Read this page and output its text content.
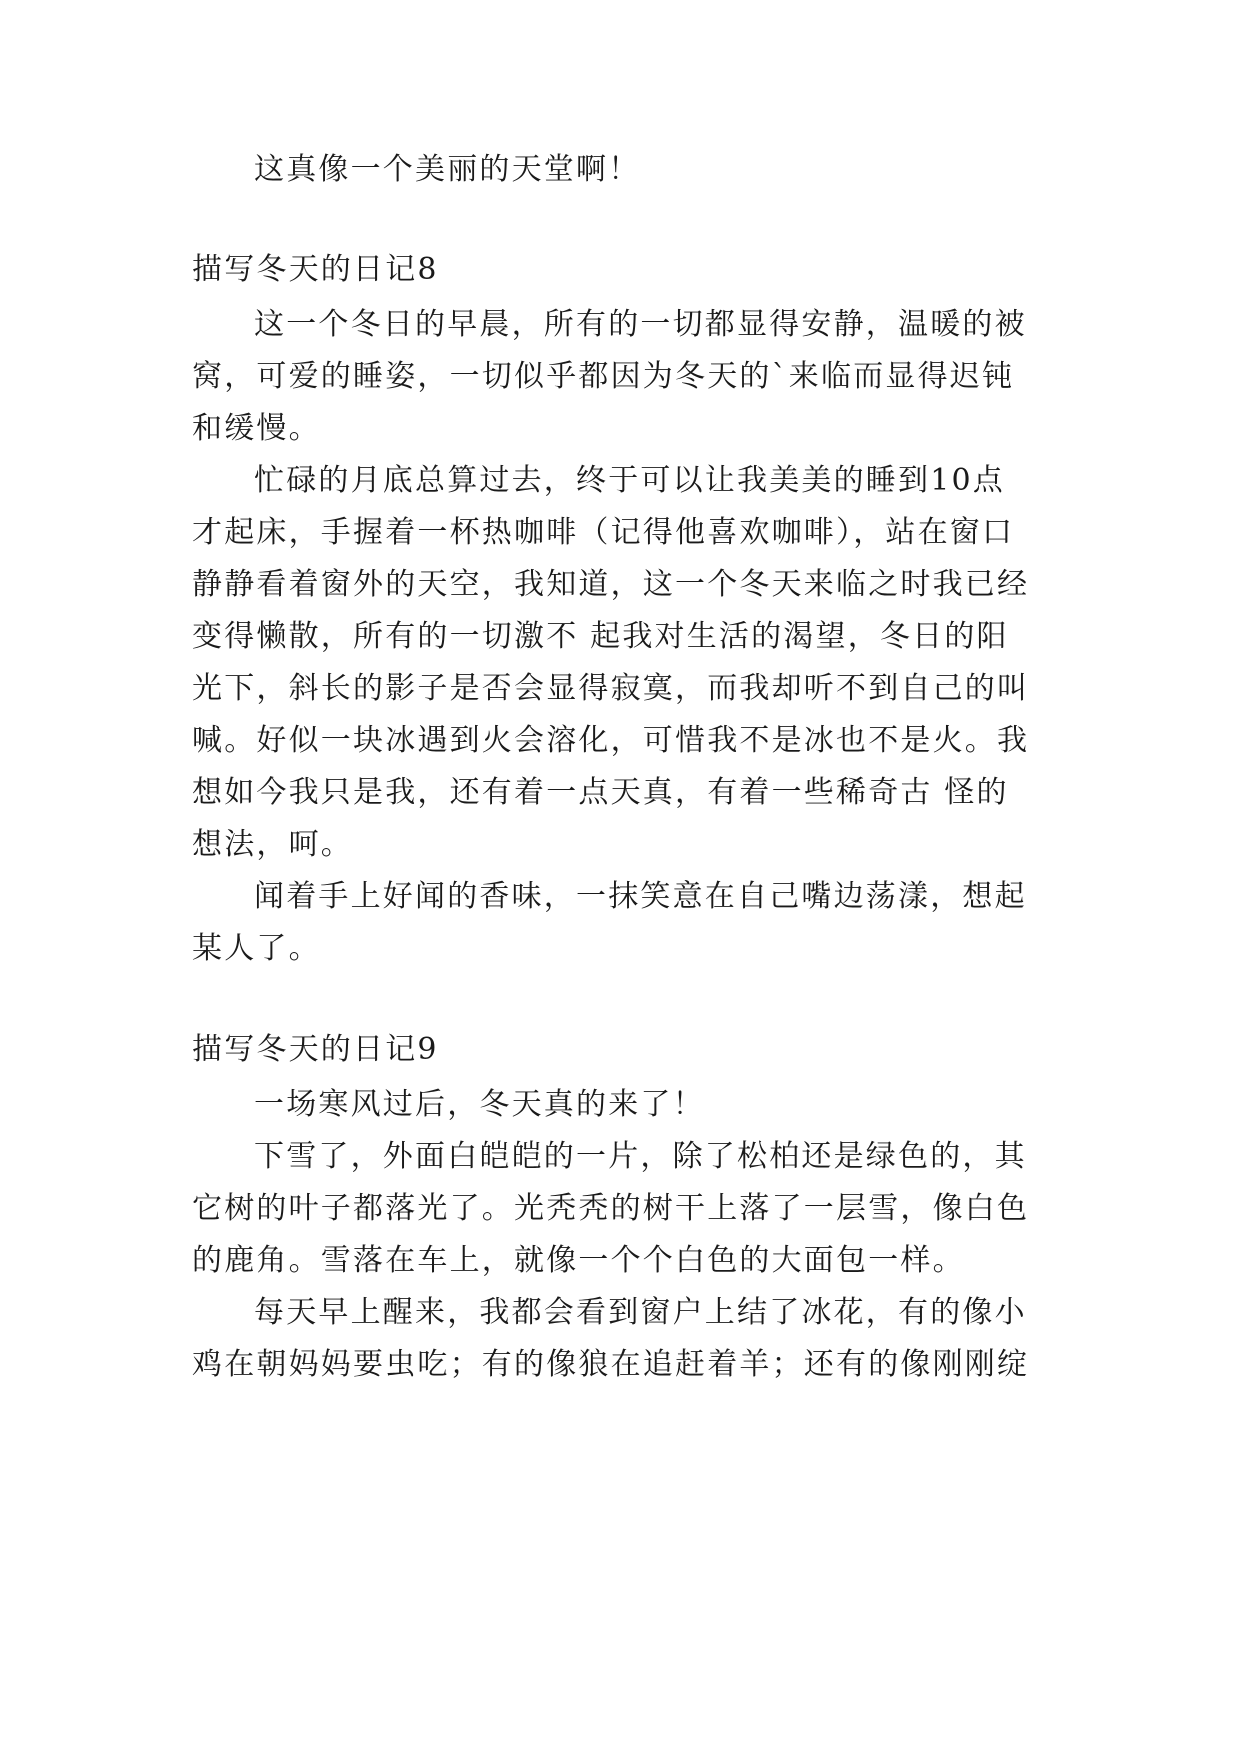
这真像一个美丽的天堂啊！
描写冬天的日记8
这一个冬日的早晨，所有的一切都显得安静，温暖的被
窝，可爱的睡姿，一切似乎都因为冬天的`来临而显得迟钝
和缓慢。
忙碌的月底总算过去，终于可以让我美美的睡到10点
才起床，手握着一杯热咖啡（记得他喜欢咖啡），站在窗口
静静看着窗外的天空，我知道，这一个冬天来临之时我已经
变得懒散，所有的一切激不 起我对生活的渴望，冬日的阳
光下，斜长的影子是否会显得寂寞，而我却听不到自己的叫
喊。好似一块冰遇到火会溶化，可惜我不是冰也不是火。我
想如今我只是我，还有着一点天真，有着一些稀奇古 怪的
想法，呵。
闻着手上好闻的香味，一抹笑意在自己嘴边荡漾，想起
某人了。
描写冬天的日记9
一场寒风过后，冬天真的来了！
下雪了，外面白皑皑的一片，除了松柏还是绿色的，其
它树的叶子都落光了。光秃秃的树干上落了一层雪，像白色
的鹿角。雪落在车上，就像一个个白色的大面包一样。
每天早上醒来，我都会看到窗户上结了冰花，有的像小
鸡在朝妈妈要虫吃；有的像狼在追赶着羊；还有的像刚刚绽
